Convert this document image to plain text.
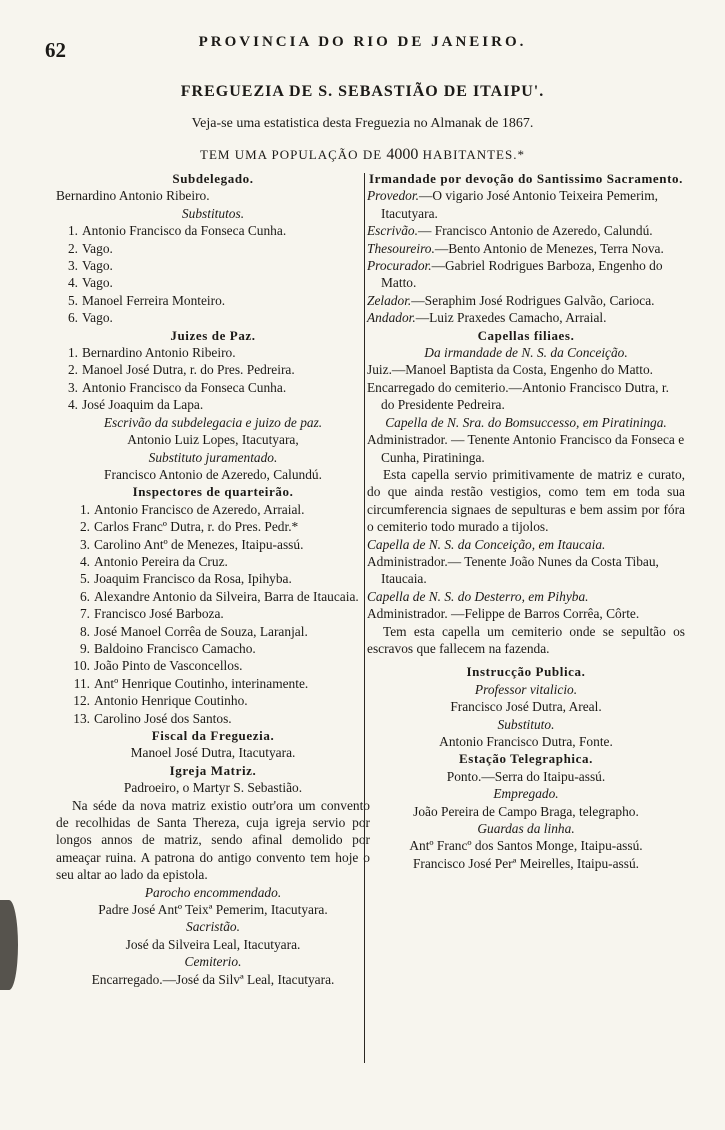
62	PROVINCIA DO RIO DE JANEIRO.
FREGUEZIA DE S. SEBASTIÃO DE ITAIPU'.
Veja-se uma estatistica desta Freguezia no Almanak de 1867.
TEM UMA POPULAÇÃO DE 4000 HABITANTES.*
Subdelegado.
Bernardino Antonio Ribeiro.
Substitutos.
1. Antonio Francisco da Fonseca Cunha.
2. Vago.
3. Vago.
4. Vago.
5. Manoel Ferreira Monteiro.
6. Vago.
Juizes de Paz.
1. Bernardino Antonio Ribeiro.
2. Manoel José Dutra, r. do Pres. Pedreira.
3. Antonio Francisco da Fonseca Cunha.
4. José Joaquim da Lapa.
Escrivão da subdelegacia e juizo de paz.
Antonio Luiz Lopes, Itacutyara,
Substituto juramentado.
Francisco Antonio de Azeredo, Calundú.
Inspectores de quarteirão.
1. Antonio Francisco de Azeredo, Arraial.
2. Carlos Francº Dutra, r. do Pres. Pedr.*
3. Carolino Antº de Menezes, Itaipu-assú.
4. Antonio Pereira da Cruz.
5. Joaquim Francisco da Rosa, Ipihyba.
6. Alexandre Antonio da Silveira, Barra de Itaucaia.
7. Francisco José Barboza.
8. José Manoel Corrêa de Souza, Laranjal.
9. Baldoino Francisco Camacho.
10. João Pinto de Vasconcellos.
11. Antº Henrique Coutinho, interinamente.
12. Antonio Henrique Coutinho.
13. Carolino José dos Santos.
Fiscal da Freguezia.
Manoel José Dutra, Itacutyara.
Igreja Matriz.
Padroeiro, o Martyr S. Sebastião.
Na séde da nova matriz existio outr'ora um convento de recolhidas de Santa Thereza, cuja igreja servio por longos annos de matriz, sendo afinal demolido por ameaçar ruina. A patrona do antigo convento tem hoje o seu altar ao lado da epistola.
Parocho encommendado.
Padre José Antº Teixª Pemerim, Itacutyara.
Sacristão.
José da Silveira Leal, Itacutyara.
Cemiterio.
Encarregado.—José da Silvª Leal, Itacutyara.
Irmandade por devoção do Santissimo Sacramento.
Provedor.—O vigario José Antonio Teixeira Pemerim, Itacutyara.
Escrivão.— Francisco Antonio de Azeredo, Calundú.
Thesoureiro.—Bento Antonio de Menezes, Terra Nova.
Procurador.—Gabriel Rodrigues Barboza, Engenho do Matto.
Zelador.—Seraphim José Rodrigues Galvão, Carioca.
Andador.—Luiz Praxedes Camacho, Arraial.
Capellas filiaes.
Da irmandade de N. S. da Conceição.
Juiz.—Manoel Baptista da Costa, Engenho do Matto.
Encarregado do cemiterio.—Antonio Francisco Dutra, r. do Presidente Pedreira.
Capella de N. Sra. do Bomsuccesso, em Piratininga.
Administrador. — Tenente Antonio Francisco da Fonseca e Cunha, Piratininga.
Esta capella servio primitivamente de matriz e curato, do que ainda restão vestigios, como tem em toda sua circumferencia signaes de sepulturas e bem assim por fóra o cemiterio todo murado a tijolos.
Capella de N. S. da Conceição, em Itaucaia.
Administrador.— Tenente João Nunes da Costa Tibau, Itaucaia.
Capella de N. S. do Desterro, em Pihyba.
Administrador. —Felippe de Barros Corrêa, Côrte.
Tem esta capella um cemiterio onde se sepultão os escravos que fallecem na fazenda.
Instrucção Publica.
Professor vitalicio.
Francisco José Dutra, Areal.
Substituto.
Antonio Francisco Dutra, Fonte.
Estação Telegraphica.
Ponto.—Serra do Itaipu-assú.
Empregado.
João Pereira de Campo Braga, telegrapho.
Guardas da linha.
Antº Francº dos Santos Monge, Itaipu-assú.
Francisco José Perª Meirelles, Itaipu-assú.
